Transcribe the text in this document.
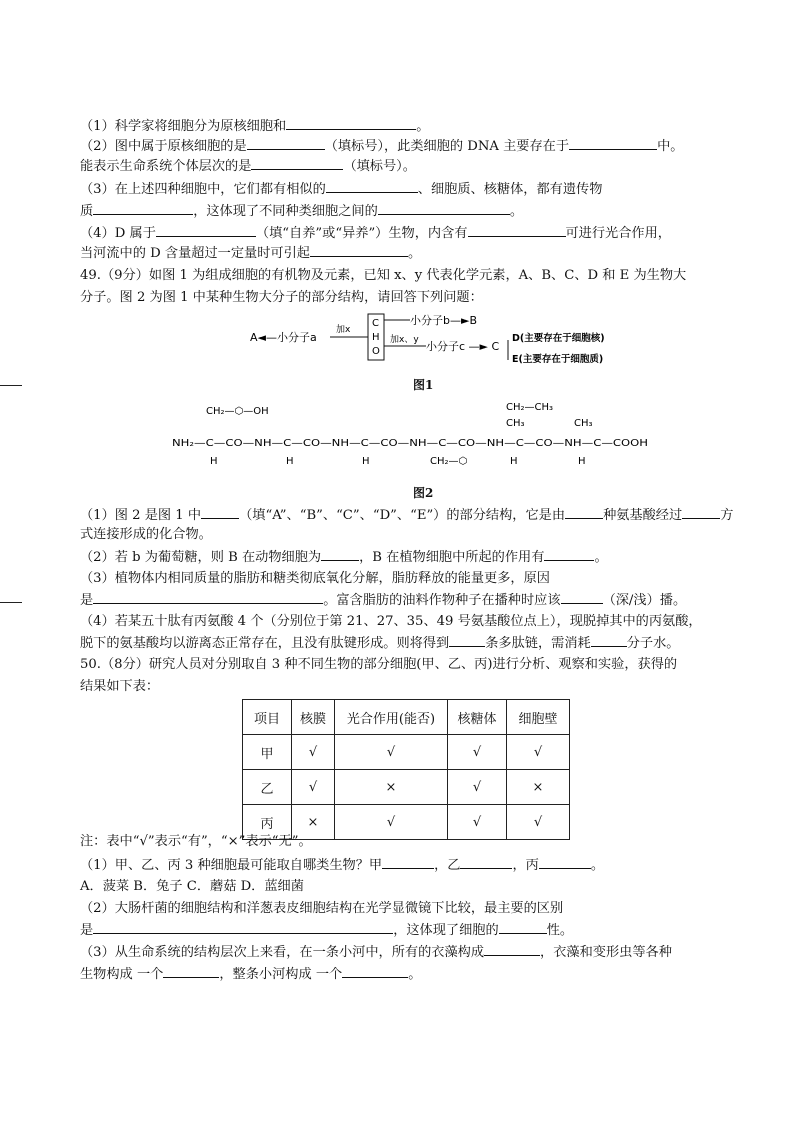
（1）科学家将细胞分为原核细胞和	。
（2）图中属于原核细胞的是	（填标号），此类细胞的 DNA 主要存在于	中。
能表示生命系统个体层次的是	（填标号）。
（3）在上述四种细胞中，它们都有相似的	、细胞质、核糖体，都有遗传物
质	，这体现了不同种类细胞之间的	。
（4）D 属于	（填“自养”或“异养”）生物，内含有	可进行光合作用，
当河流中的 D 含量超过一定量时可引起	。
49.（9分）如图 1 为组成细胞的有机物及元素，已知 x、y 代表化学元素，A、B、C、D 和 E 为生物大
分子。图 2 为图 1 中某种生物大分子的部分结构，请回答下列问题：
A◄—小分子a
加x
C
H
O
小分子b—►B
加x、y 小分子c —► C
D(主要存在于细胞核)
E(主要存在于细胞质)
图1
CH₂—⬡—OH	CH₂—CH₃
CH₃	CH₃
NH₂—C—CO—NH—C—CO—NH—C—CO—NH—C—CO—NH—C—CO—NH—C—COOH
H	H	H	CH₂—⬡	H	H
图2
（1）图 2 是图 1 中	（填“A”、“B”、“C”、“D”、“E”）的部分结构，它是由	种氨基酸经过	方
式连接形成的化合物。
（2）若 b 为葡萄糖，则 B 在动物细胞为	，B 在植物细胞中所起的作用有	。
（3）植物体内相同质量的脂肪和糖类彻底氧化分解，脂肪释放的能量更多，原因
是	。富含脂肪的油料作物种子在播种时应该	（深/浅）播。
（4）若某五十肽有丙氨酸 4 个（分别位于第 21、27、35、49 号氨基酸位点上），现脱掉其中的丙氨酸，
脱下的氨基酸均以游离态正常存在，且没有肽键形成。则将得到	条多肽链，需消耗	分子水。
50.（8分）研究人员对分别取自 3 种不同生物的部分细胞(甲、乙、丙)进行分析、观察和实验，获得的
结果如下表：
项目	核膜	光合作用(能否)	核糖体	细胞壁
甲	√	√	√	√
乙	√	×	√	×
丙	×	√	√	√
注：表中“√”表示“有”，“×”表示“无”。
（1）甲、乙、丙 3 种细胞最可能取自哪类生物？甲	，乙	，丙	。
A．菠菜 B．兔子 C．蘑菇 D．蓝细菌
（2）大肠杆菌的细胞结构和洋葱表皮细胞结构在光学显微镜下比较，最主要的区别
是	，这体现了细胞的	性。
（3）从生命系统的结构层次上来看，在一条小河中，所有的衣藻构成	，衣藻和变形虫等各种
生物构成 一个	，整条小河构成 一个	。
